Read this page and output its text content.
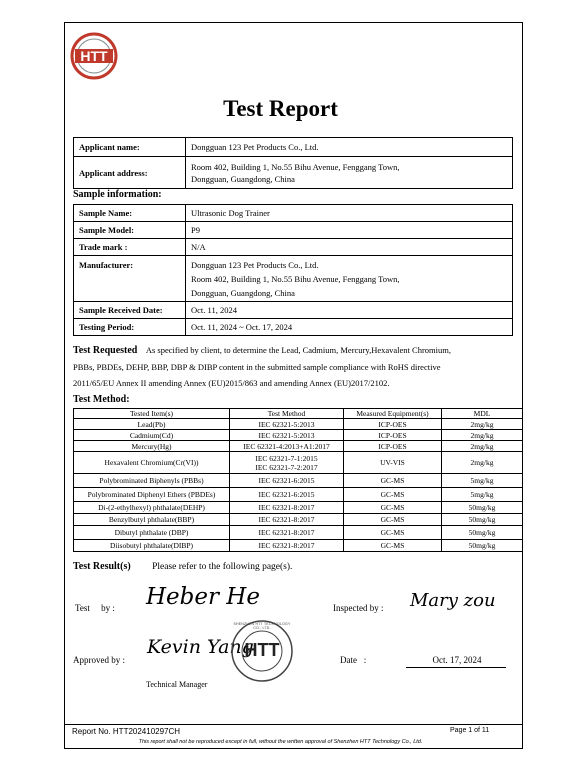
HTT
Test Report
Applicant name:	Dongguan 123 Pet Products Co., Ltd.
Applicant address:	Room 402, Building 1, No.55 Bihu Avenue, Fenggang Town,
Dongguan, Guangdong, China
Sample information:
Sample Name:	Ultrasonic Dog Trainer
Sample Model:	P9
Trade mark :	N/A
Manufacturer:	Dongguan 123 Pet Products Co., Ltd.
Room 402, Building 1, No.55 Bihu Avenue, Fenggang Town,
Dongguan, Guangdong, China

Sample Received Date:	Oct. 11, 2024
Testing Period:	Oct. 11, 2024 ~ Oct. 17, 2024
Test Requested As specified by client, to determine the Lead, Cadmium, Mercury,Hexavalent Chromium,
PBBs, PBDEs, DEHP, BBP, DBP & DIBP content in the submitted sample compliance with RoHS directive
2011/65/EU Annex II amending Annex (EU)2015/863 and amending Annex (EU)2017/2102.
Test Method:
Tested Item(s)	Test Method	Measured Equipment(s)	MDL
Lead(Pb)	IEC 62321-5:2013	ICP-OES	2mg/kg
Cadmium(Cd)	IEC 62321-5:2013	ICP-OES	2mg/kg
Mercury(Hg)	IEC 62321-4:2013+A1:2017	ICP-OES	2mg/kg
Hexavalent Chromium(Cr(VI))	IEC 62321-7-1:2015
IEC 62321-7-2:2017	UV-VIS	2mg/kg
Polybrominated Biphenyls (PBBs)	IEC 62321-6:2015	GC-MS	5mg/kg
Polybrominated Diphenyl Ethers (PBDEs)	IEC 62321-6:2015	GC-MS	5mg/kg
Di-(2-ethylhexyl) phthalate(DEHP)	IEC 62321-8:2017	GC-MS	50mg/kg
Benzylbutyl phthalate(BBP)	IEC 62321-8:2017	GC-MS	50mg/kg
Dibutyl phthalate (DBP)	IEC 62321-8:2017	GC-MS	50mg/kg
Diisobutyl phthalate(DIBP)	IEC 62321-8:2017	GC-MS	50mg/kg
Test Result(s) Please refer to the following page(s).
Test     by : Heber He	Inspected by : Mary zou
Approved by :
Kevin Yang
HTT
SHENZHEN HTT TECHNOLOGY CO., LTD.
Technical Manager
Date   :	Oct. 17, 2024
Report No. HTT202410297CH	Page 1 of 11
This report shall not be reproduced except in full, without the written approval of Shenzhen HTT Technology Co., Ltd.
